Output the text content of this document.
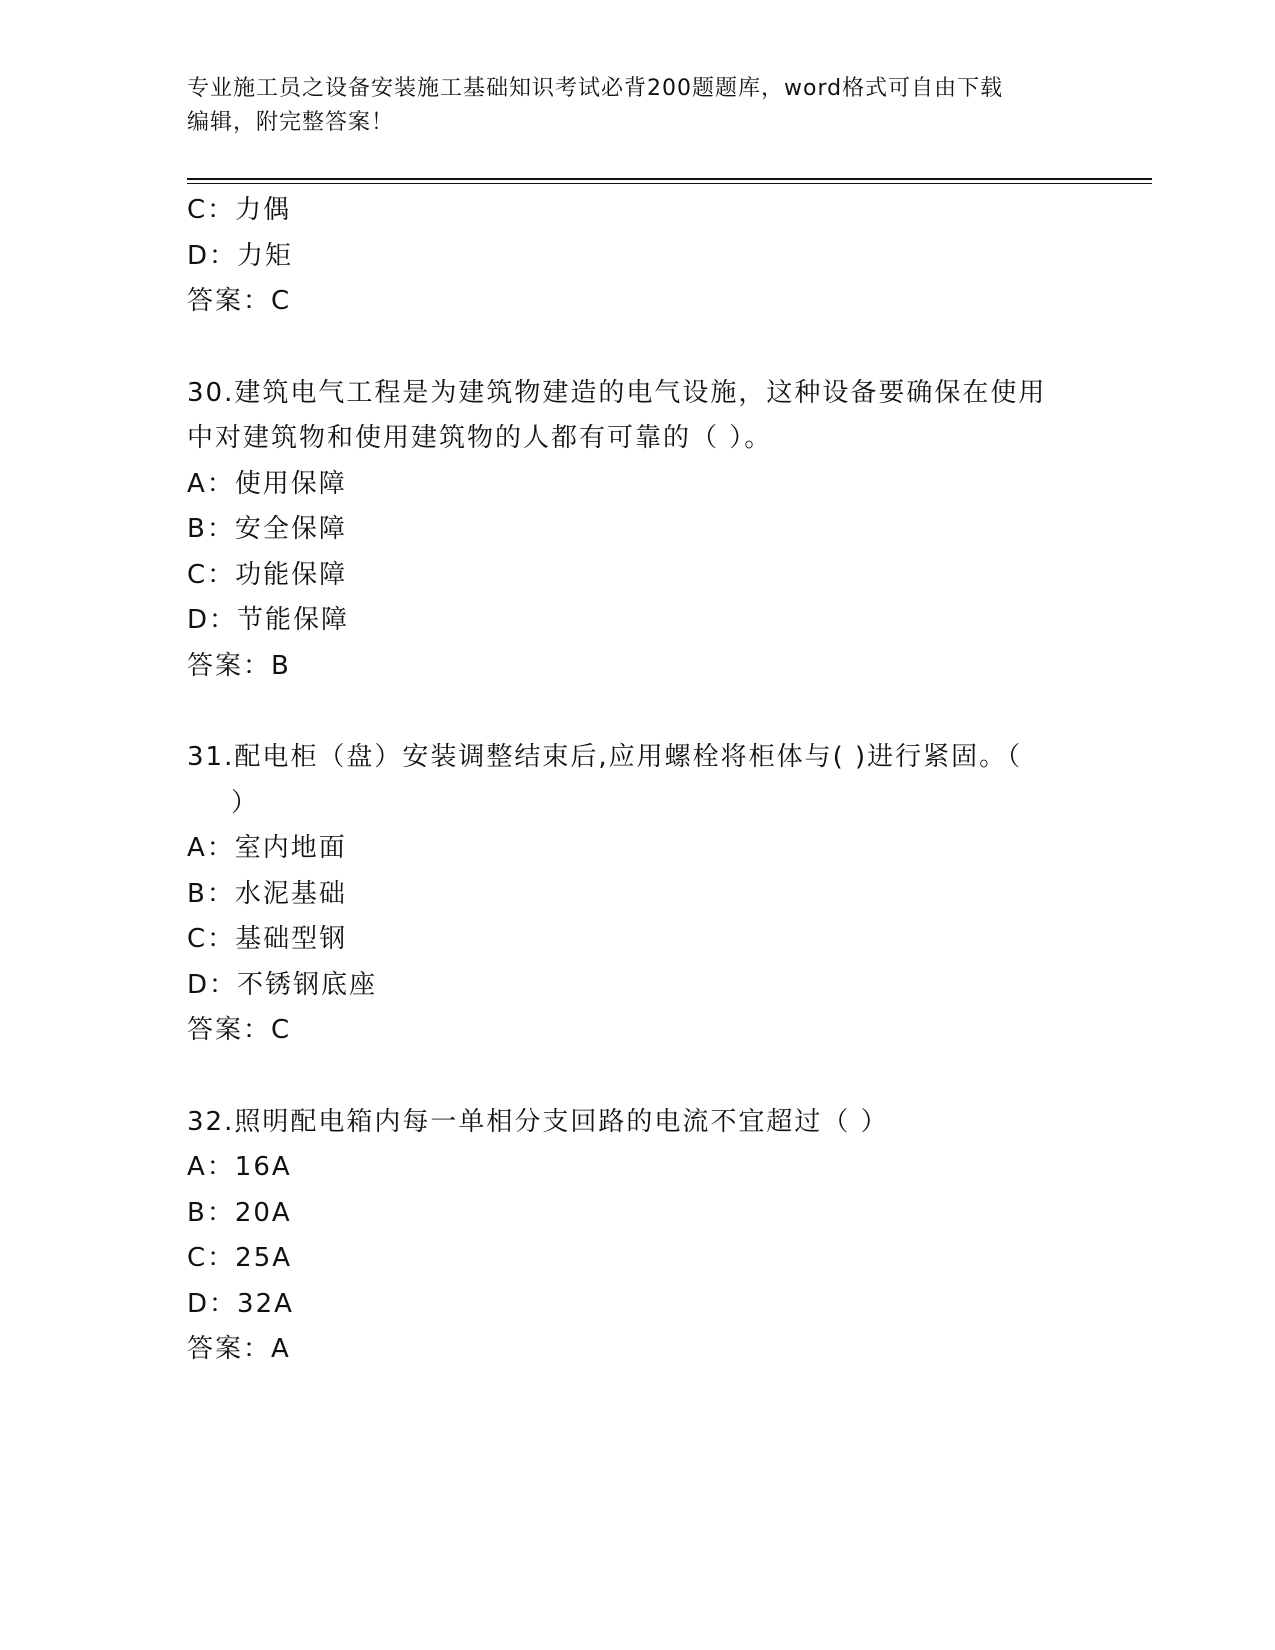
专业施工员之设备安装施工基础知识考试必背200题题库，word格式可自由下载
编辑，附完整答案！
C：力偶
D：力矩
答案：C
30.建筑电气工程是为建筑物建造的电气设施，这种设备要确保在使用
中对建筑物和使用建筑物的人都有可靠的（ ）。
A：使用保障
B：安全保障
C：功能保障
D：节能保障
答案：B
31.配电柜（盘）安装调整结束后,应用螺栓将柜体与( )进行紧固。（
）
A：室内地面
B：水泥基础
C：基础型钢
D：不锈钢底座
答案：C
32.照明配电箱内每一单相分支回路的电流不宜超过（ ）
A：16A
B：20A
C：25A
D：32A
答案：A
